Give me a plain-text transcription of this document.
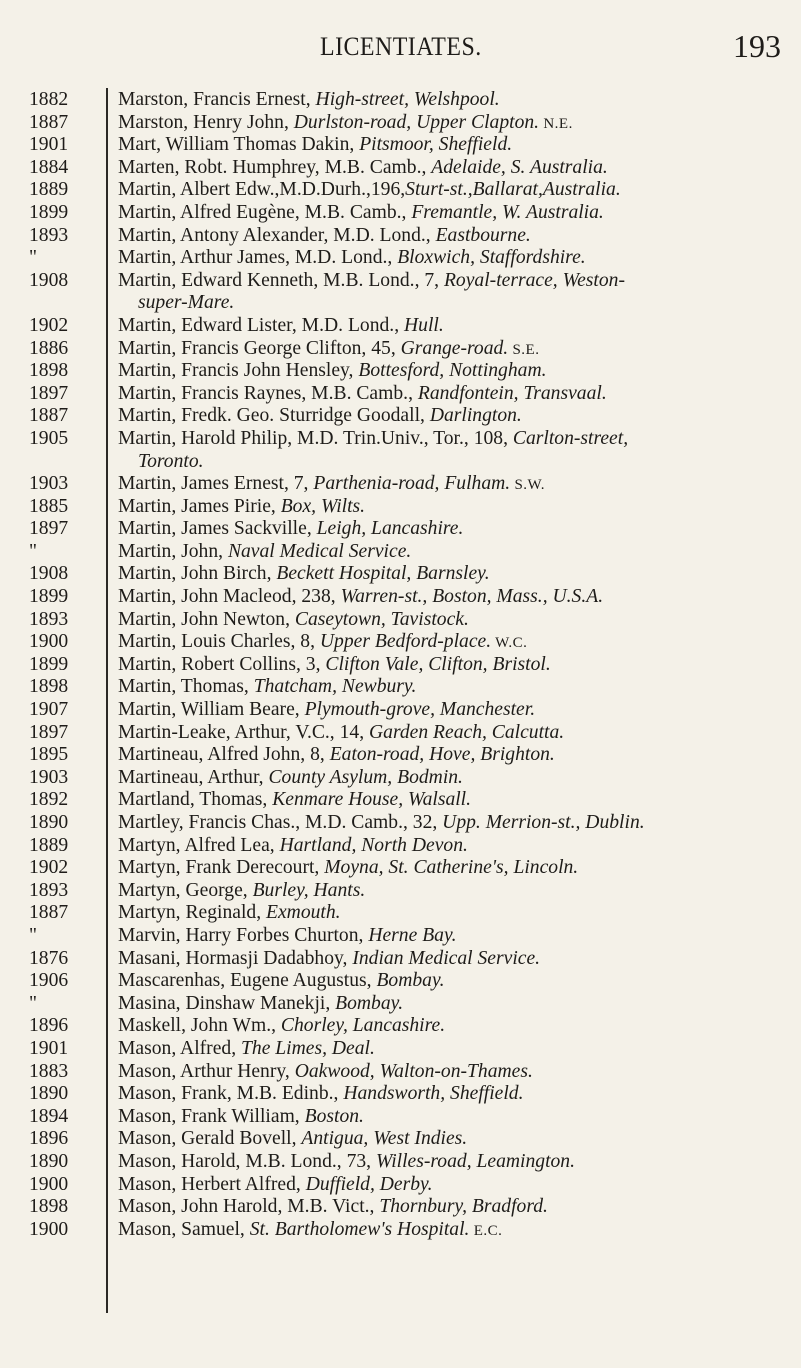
LICENTIATES.	193
1882	Marston, Francis Ernest, High-street, Welshpool.
1887	Marston, Henry John, Durlston-road, Upper Clapton. N.E.
1901	Mart, William Thomas Dakin, Pitsmoor, Sheffield.
1884	Marten, Robt. Humphrey, M.B. Camb., Adelaide, S. Australia.
1889	Martin, Albert Edw.,M.D.Durh.,196,Sturt-st.,Ballarat,Australia.
1899	Martin, Alfred Eugène, M.B. Camb., Fremantle, W. Australia.
1893	Martin, Antony Alexander, M.D. Lond., Eastbourne.
"	Martin, Arthur James, M.D. Lond., Bloxwich, Staffordshire.
1908	Martin, Edward Kenneth, M.B. Lond., 7, Royal-terrace, Weston-
super-Mare.
1902	Martin, Edward Lister, M.D. Lond., Hull.
1886	Martin, Francis George Clifton, 45, Grange-road. S.E.
1898	Martin, Francis John Hensley, Bottesford, Nottingham.
1897	Martin, Francis Raynes, M.B. Camb., Randfontein, Transvaal.
1887	Martin, Fredk. Geo. Sturridge Goodall, Darlington.
1905	Martin, Harold Philip, M.D. Trin.Univ., Tor., 108, Carlton-street,
Toronto.
1903	Martin, James Ernest, 7, Parthenia-road, Fulham. S.W.
1885	Martin, James Pirie, Box, Wilts.
1897	Martin, James Sackville, Leigh, Lancashire.
"	Martin, John, Naval Medical Service.
1908	Martin, John Birch, Beckett Hospital, Barnsley.
1899	Martin, John Macleod, 238, Warren-st., Boston, Mass., U.S.A.
1893	Martin, John Newton, Caseytown, Tavistock.
1900	Martin, Louis Charles, 8, Upper Bedford-place. W.C.
1899	Martin, Robert Collins, 3, Clifton Vale, Clifton, Bristol.
1898	Martin, Thomas, Thatcham, Newbury.
1907	Martin, William Beare, Plymouth-grove, Manchester.
1897	Martin-Leake, Arthur, V.C., 14, Garden Reach, Calcutta.
1895	Martineau, Alfred John, 8, Eaton-road, Hove, Brighton.
1903	Martineau, Arthur, County Asylum, Bodmin.
1892	Martland, Thomas, Kenmare House, Walsall.
1890	Martley, Francis Chas., M.D. Camb., 32, Upp. Merrion-st., Dublin.
1889	Martyn, Alfred Lea, Hartland, North Devon.
1902	Martyn, Frank Derecourt, Moyna, St. Catherine's, Lincoln.
1893	Martyn, George, Burley, Hants.
1887	Martyn, Reginald, Exmouth.
"	Marvin, Harry Forbes Churton, Herne Bay.
1876	Masani, Hormasji Dadabhoy, Indian Medical Service.
1906	Mascarenhas, Eugene Augustus, Bombay.
"	Masina, Dinshaw Manekji, Bombay.
1896	Maskell, John Wm., Chorley, Lancashire.
1901	Mason, Alfred, The Limes, Deal.
1883	Mason, Arthur Henry, Oakwood, Walton-on-Thames.
1890	Mason, Frank, M.B. Edinb., Handsworth, Sheffield.
1894	Mason, Frank William, Boston.
1896	Mason, Gerald Bovell, Antigua, West Indies.
1890	Mason, Harold, M.B. Lond., 73, Willes-road, Leamington.
1900	Mason, Herbert Alfred, Duffield, Derby.
1898	Mason, John Harold, M.B. Vict., Thornbury, Bradford.
1900	Mason, Samuel, St. Bartholomew's Hospital. E.C.
